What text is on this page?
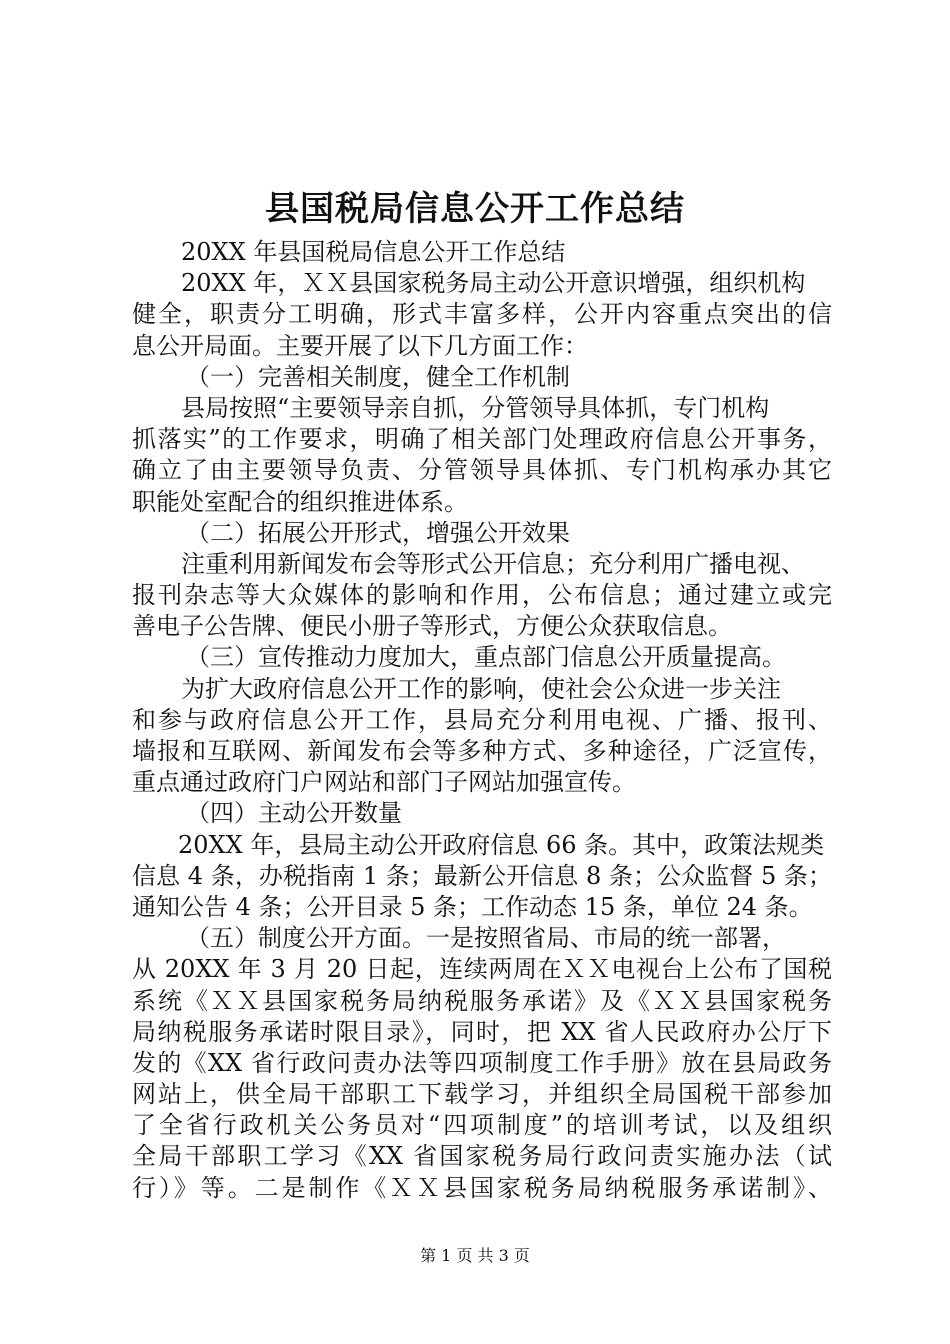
县国税局信息公开工作总结
20XX 年县国税局信息公开工作总结
20XX 年，ＸＸ县国家税务局主动公开意识增强，组织机构
健全，职责分工明确，形式丰富多样，公开内容重点突出的信
息公开局面。主要开展了以下几方面工作：
（一）完善相关制度，健全工作机制
县局按照“主要领导亲自抓，分管领导具体抓，专门机构
抓落实”的工作要求，明确了相关部门处理政府信息公开事务，
确立了由主要领导负责、分管领导具体抓、专门机构承办其它
职能处室配合的组织推进体系。
（二）拓展公开形式，增强公开效果
注重利用新闻发布会等形式公开信息；充分利用广播电视、
报刊杂志等大众媒体的影响和作用，公布信息；通过建立或完
善电子公告牌、便民小册子等形式，方便公众获取信息。
（三）宣传推动力度加大，重点部门信息公开质量提高。
为扩大政府信息公开工作的影响，使社会公众进一步关注
和参与政府信息公开工作，县局充分利用电视、广播、报刊、
墙报和互联网、新闻发布会等多种方式、多种途径，广泛宣传，
重点通过政府门户网站和部门子网站加强宣传。
（四）主动公开数量
20XX 年，县局主动公开政府信息 66 条。其中，政策法规类
信息 4 条，办税指南 1 条；最新公开信息 8 条；公众监督 5 条；
通知公告 4 条；公开目录 5 条；工作动态 15 条，单位 24 条。
（五）制度公开方面。一是按照省局、市局的统一部署，
从 20XX 年 3 月 20 日起，连续两周在ＸＸ电视台上公布了国税
系统《ＸＸ县国家税务局纳税服务承诺》及《ＸＸ县国家税务
局纳税服务承诺时限目录》，同时，把 XX 省人民政府办公厅下
发的《XX 省行政问责办法等四项制度工作手册》放在县局政务
网站上，供全局干部职工下载学习，并组织全局国税干部参加
了全省行政机关公务员对“四项制度”的培训考试，以及组织
全局干部职工学习《XX 省国家税务局行政问责实施办法（试
行）》等。二是制作《ＸＸ县国家税务局纳税服务承诺制》、
第 1 页 共 3 页
